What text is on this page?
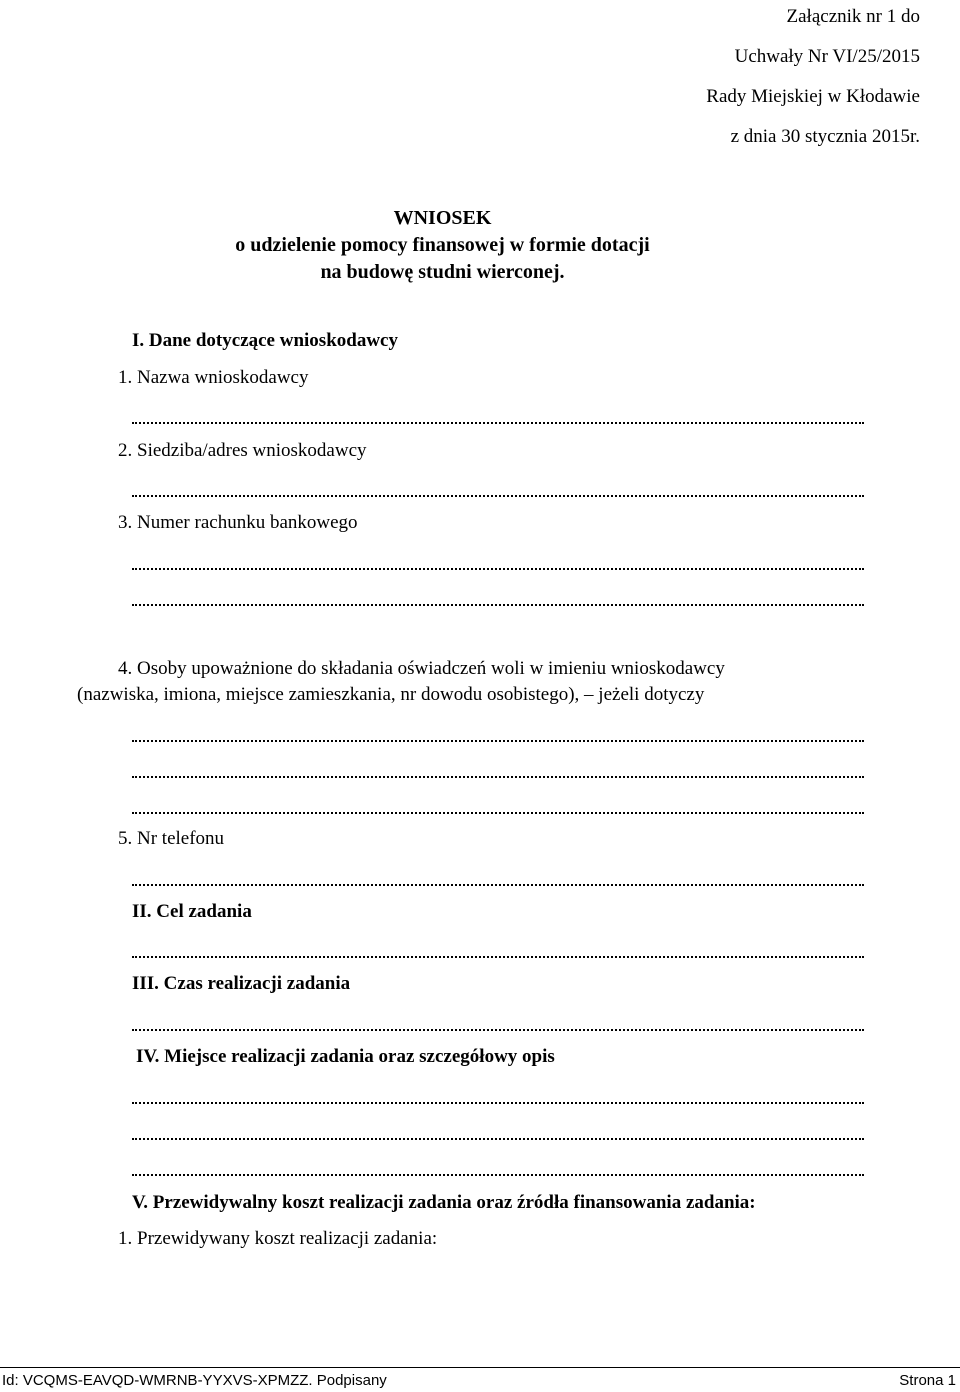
Załącznik nr 1 do
Uchwały Nr VI/25/2015
Rady Miejskiej w Kłodawie
z dnia 30 stycznia 2015r.
WNIOSEK
o udzielenie pomocy finansowej w formie dotacji
na budowę studni wierconej.
I. Dane dotyczące wnioskodawcy
1. Nazwa wnioskodawcy
2. Siedziba/adres wnioskodawcy
3. Numer rachunku bankowego
4. Osoby upoważnione do składania oświadczeń woli w imieniu wnioskodawcy
(nazwiska, imiona, miejsce zamieszkania, nr dowodu osobistego), – jeżeli dotyczy
5. Nr telefonu
II. Cel zadania
III. Czas realizacji zadania
IV. Miejsce realizacji zadania oraz szczegółowy opis
V. Przewidywalny koszt realizacji zadania oraz źródła finansowania zadania:
1. Przewidywany koszt realizacji zadania:
Id: VCQMS-EAVQD-WMRNB-YYXVS-XPMZZ. Podpisany	Strona 1
